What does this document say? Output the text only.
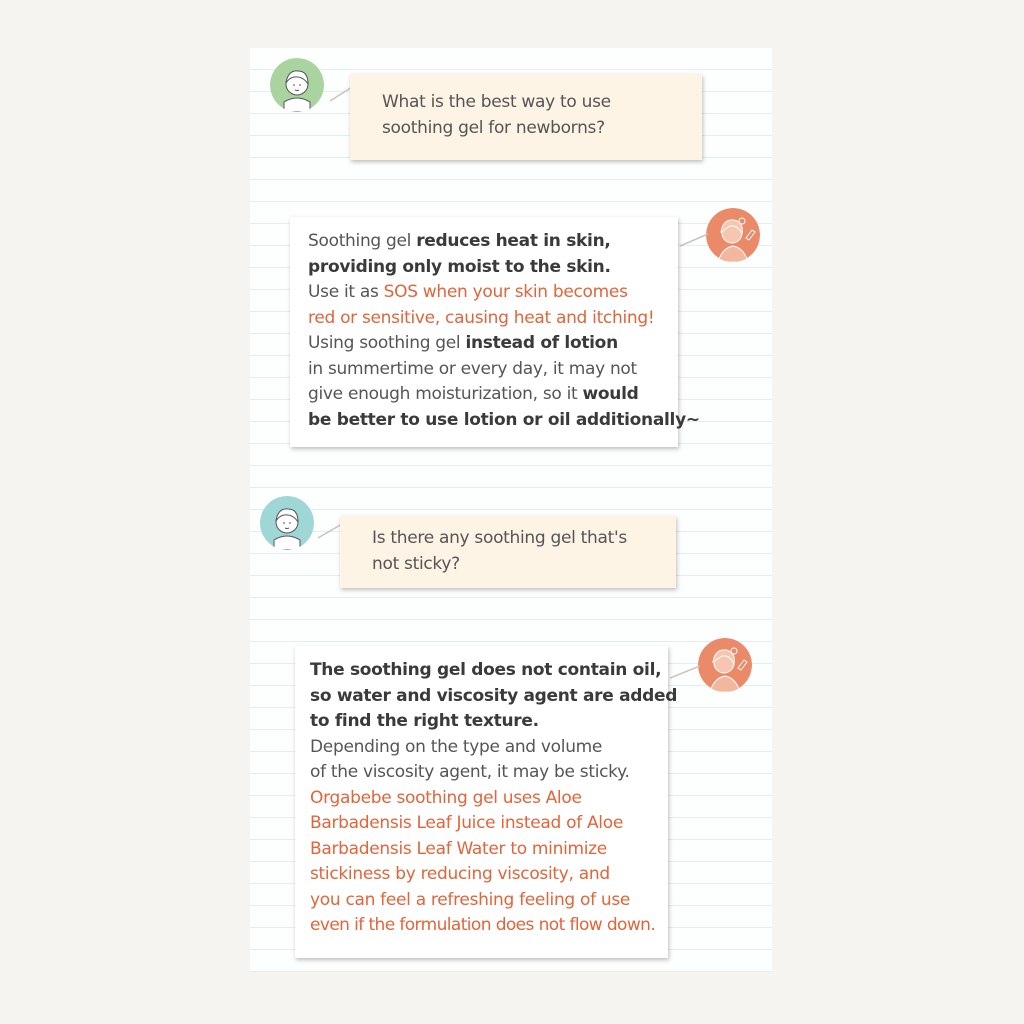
What is the best way to use
soothing gel for newborns?
Soothing gel reduces heat in skin,
providing only moist to the skin.
Use it as SOS when your skin becomes
red or sensitive, causing heat and itching!
Using soothing gel instead of lotion
in summertime or every day, it may not
give enough moisturization, so it would
be better to use lotion or oil additionally~
Is there any soothing gel that's
not sticky?
The soothing gel does not contain oil,
so water and viscosity agent are added
to find the right texture.
Depending on the type and volume
of the viscosity agent, it may be sticky.
Orgabebe soothing gel uses Aloe
Barbadensis Leaf Juice instead of Aloe
Barbadensis Leaf Water to minimize
stickiness by reducing viscosity, and
you can feel a refreshing feeling of use
even if the formulation does not flow down.
